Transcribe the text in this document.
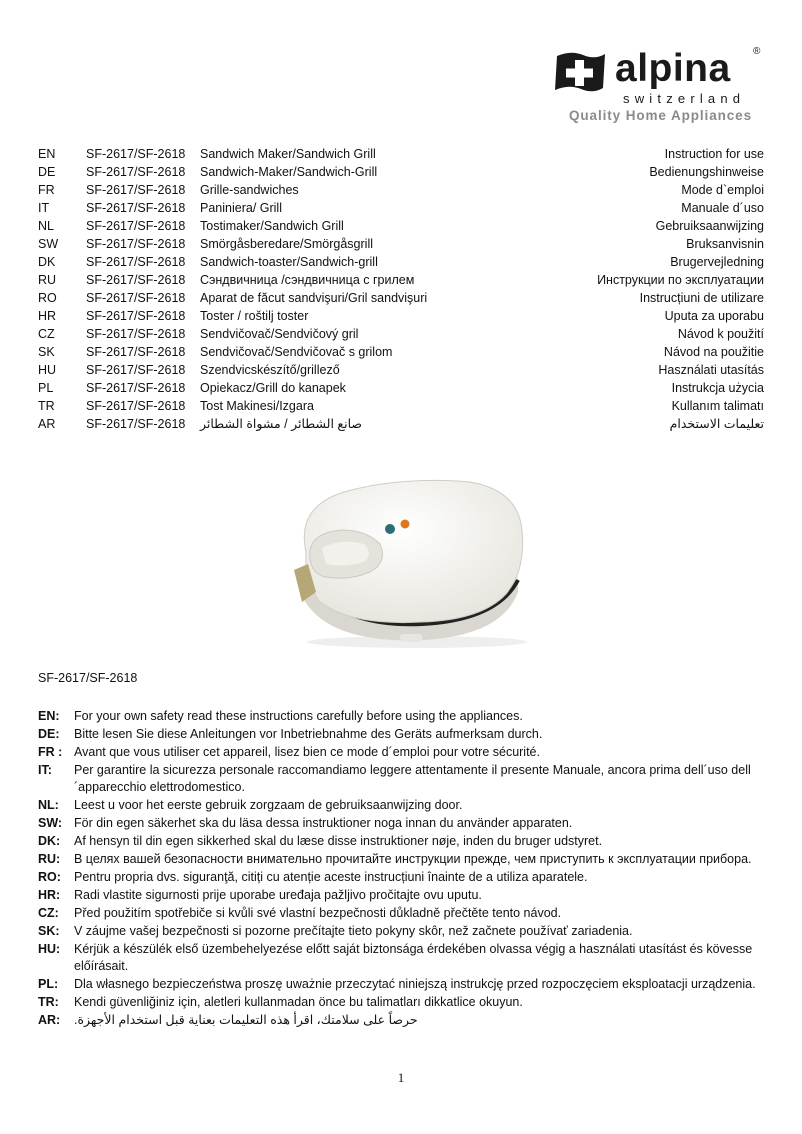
alpina ®
switzerland
Quality Home Appliances
EN SF-2617/SF-2618 Sandwich Maker/Sandwich Grill	Instruction for use
DE SF-2617/SF-2618 Sandwich-Maker/Sandwich-Grill	Bedienungshinweise
FR	SF-2617/SF-2618 Grille-sandwiches	Mode d`emploi
IT	SF-2617/SF-2618 Paniniera/ Grill	Manuale d´uso
NL	SF-2617/SF-2618 Tostimaker/Sandwich Grill	Gebruiksaanwijzing
SW SF-2617/SF-2618 Smörgåsberedare/Smörgåsgrill	Bruksanvisnin
DK SF-2617/SF-2618 Sandwich-toaster/Sandwich-grill	Brugervejledning
RU SF-2617/SF-2618 Сэндвичница /сэндвичница с грилем	Инструкции по эксплуатации
RO SF-2617/SF-2618 Aparat de făcut sandvişuri/Gril sandvişuri	Instrucțiuni de utilizare
HR SF-2617/SF-2618 Toster / roštilj toster	Uputa za uporabu
CZ	SF-2617/SF-2618 Sendvičovač/Sendvičový gril	Návod k použití
SK	SF-2617/SF-2618 Sendvičovač/Sendvičovač s grilom	Návod na použitie
HU SF-2617/SF-2618 Szendvicskészítő/grillező	Használati utasítás
PL	SF-2617/SF-2618 Opiekacz/Grill do kanapek	Instrukcja użycia
TR	SF-2617/SF-2618 Tost Makinesi/Izgara	Kullanım talimatı
AR SF-2617/SF-2618 صانع الشطائر / مشواة الشطائر	تعليمات الاستخدام
SF-2617/SF-2618
EN: For your own safety read these instructions carefully before using the appliances.
DE: Bitte lesen Sie diese Anleitungen vor Inbetriebnahme des Geräts aufmerksam durch.
FR : Avant que vous utiliser cet appareil, lisez bien ce mode d´emploi pour votre sécurité.
IT: Per garantire la sicurezza personale raccomandiamo leggere attentamente il presente Manuale, ancora prima dell´uso dell´apparecchio elettrodomestico.
NL: Leest u voor het eerste gebruik zorgzaam de gebruiksaanwijzing door.
SW: För din egen säkerhet ska du läsa dessa instruktioner noga innan du använder apparaten.
DK: Af hensyn til din egen sikkerhed skal du læse disse instruktioner nøje, inden du bruger udstyret.
RU: В целях вашей безопасности внимательно прочитайте инструкции прежде, чем приступить к эксплуатации прибора.
RO: Pentru propria dvs. siguranţă, citiți cu atenție aceste instrucțiuni înainte de a utiliza aparatele.
HR: Radi vlastite sigurnosti prije uporabe uređaja pažljivo pročitajte ovu uputu.
CZ: Před použitím spotřebiče si kvůli své vlastní bezpečnosti důkladně přečtěte tento návod.
SK: V záujme vašej bezpečnosti si pozorne prečítajte tieto pokyny skôr, než začnete používať zariadenia.
HU: Kérjük a készülék első üzembehelyezése előtt saját biztonsága érdekében olvassa végig a használati utasítást és kövesse előírásait.
PL: Dla własnego bezpieczeństwa proszę uważnie przeczytać niniejszą instrukcję przed rozpoczęciem eksploatacji urządzenia.
TR: Kendi güvenliğiniz için, aletleri kullanmadan önce bu talimatları dikkatlice okuyun.
AR: حرصاً على سلامتك، اقرأ هذه التعليمات بعناية قبل استخدام الأجهزة.
1
